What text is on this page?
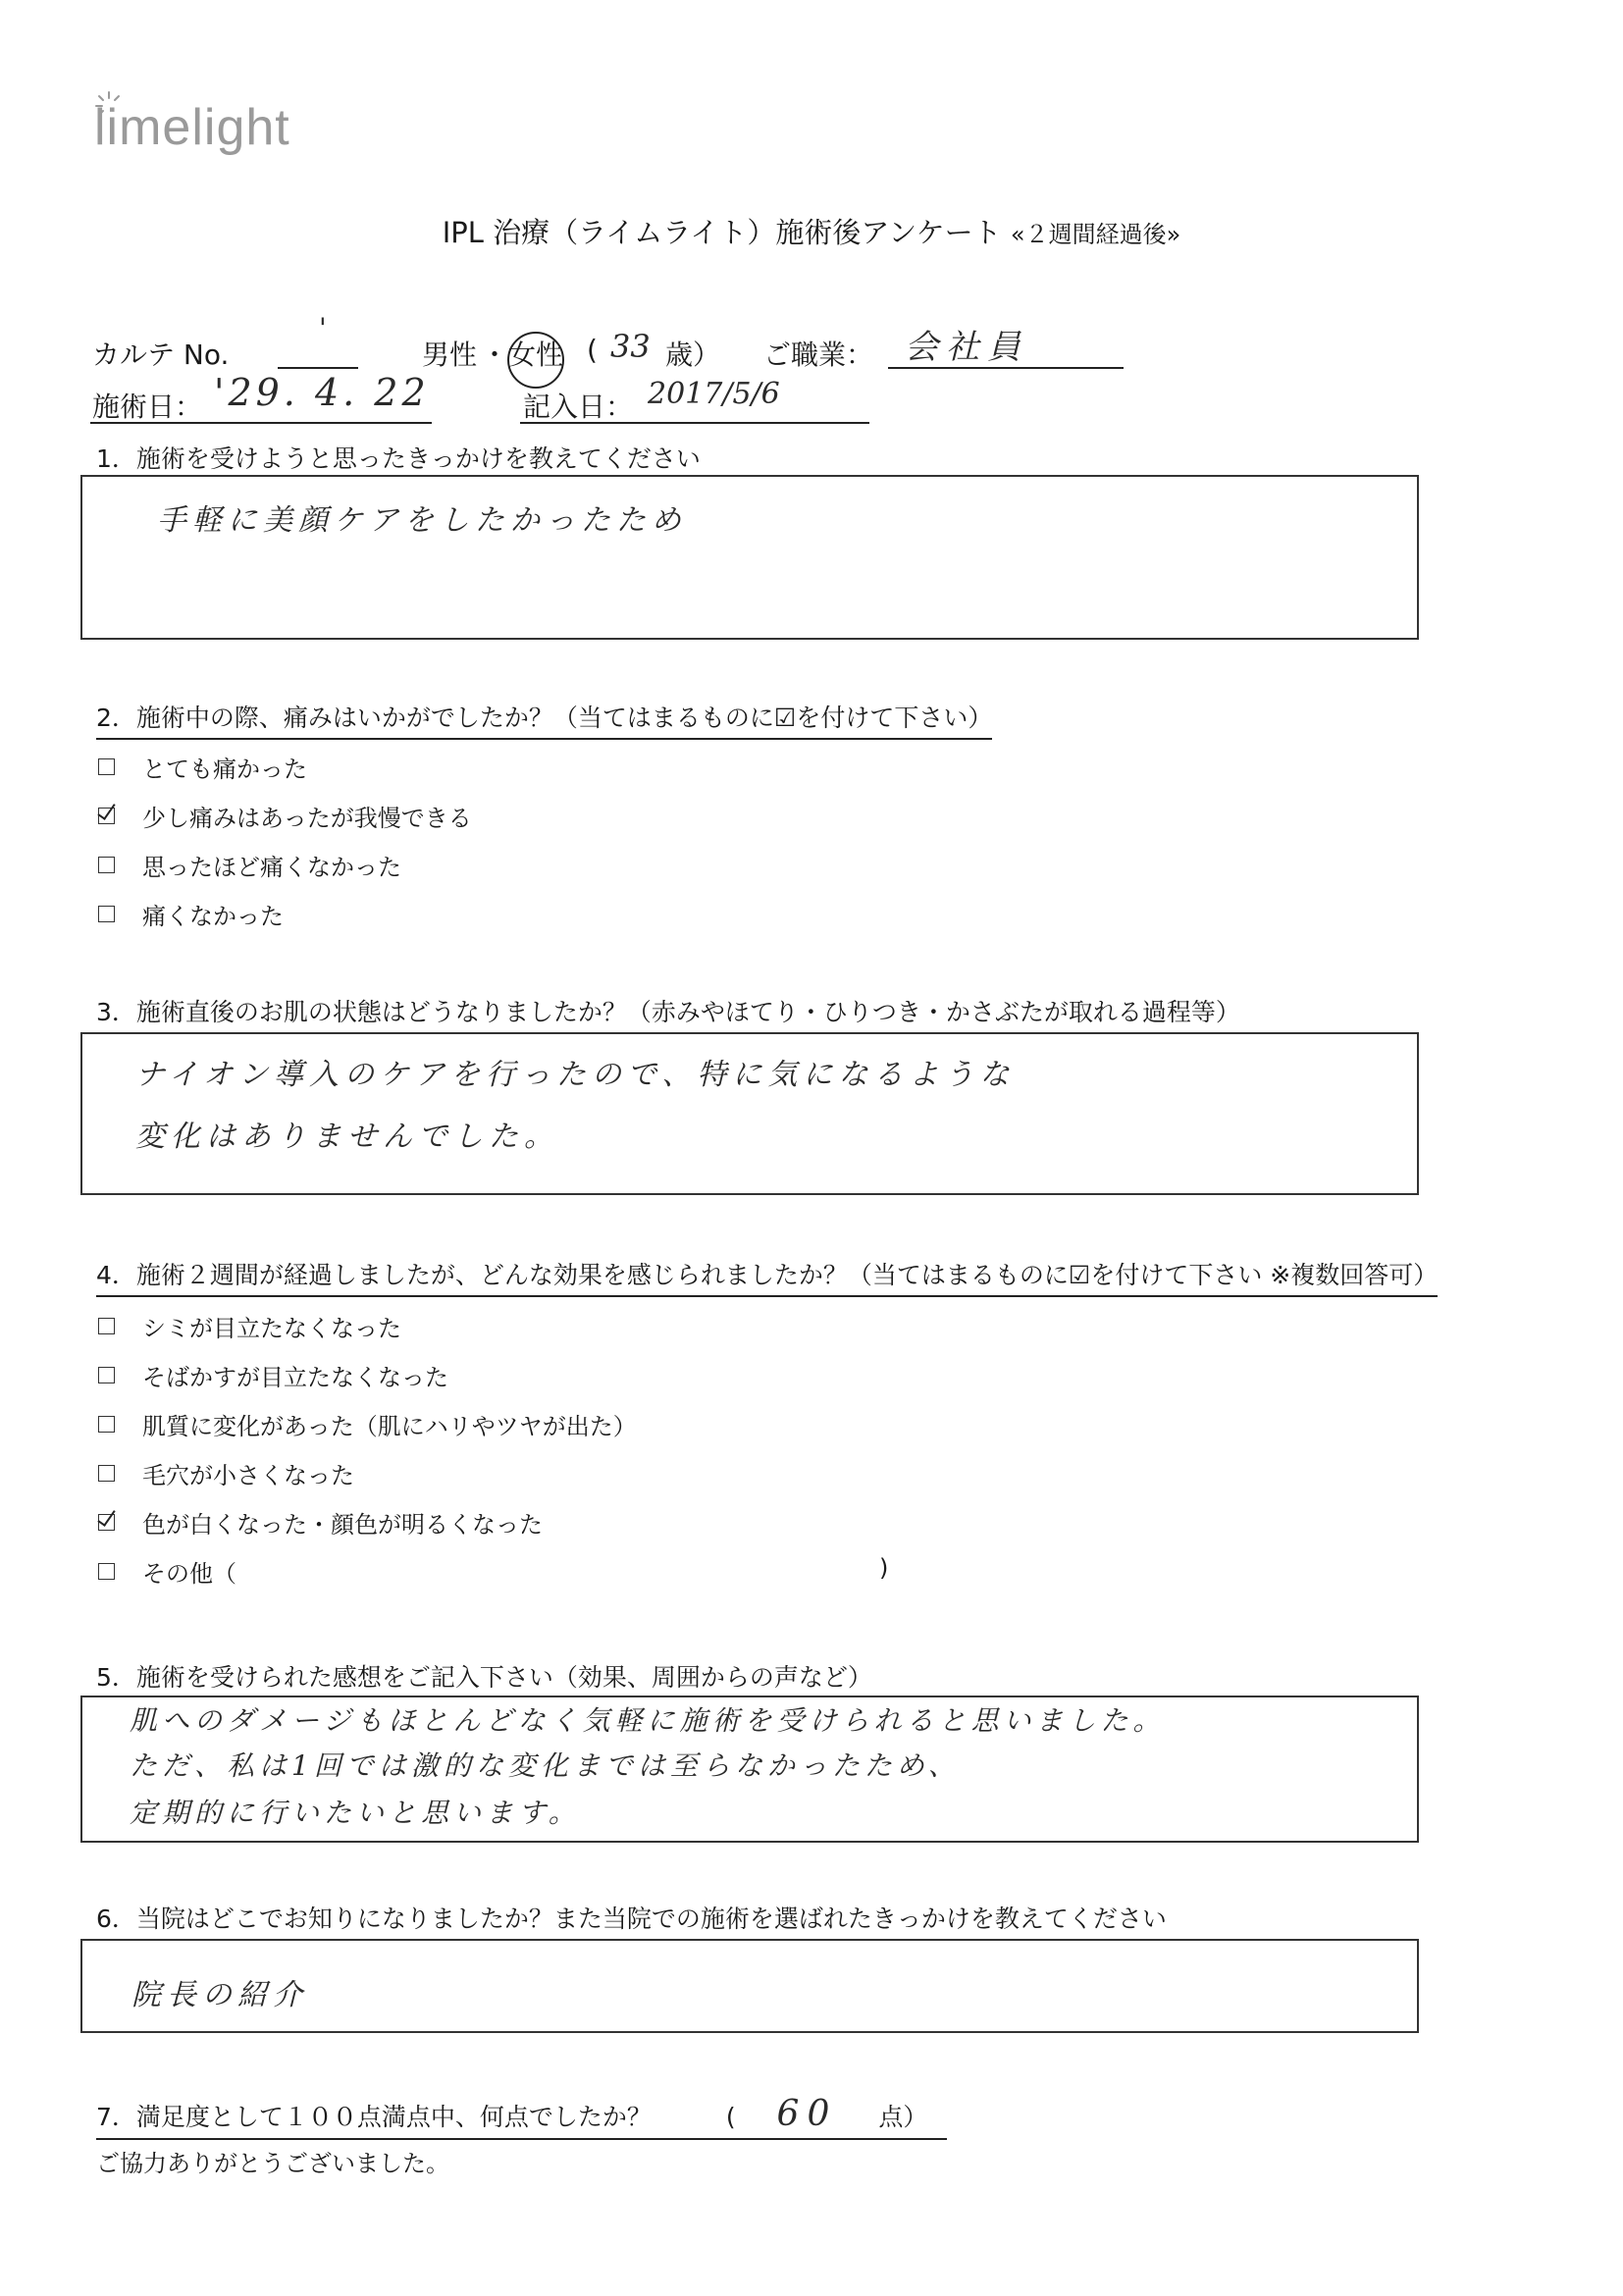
limelight
IPL 治療（ライムライト）施術後アンケート «２週間経過後»
カルテ No.
'
男性 ・ 女性 ( 33 歳） ご職業： 会社員
施術日： '29. 4. 22	記入日： 2017/5/6
1．施術を受けようと思ったきっかけを教えてください
手軽に美顔ケアをしたかったため
2．施術中の際、痛みはいかがでしたか？（当てはまるものに☑を付けて下さい）
とても痛かった
少し痛みはあったが我慢できる
思ったほど痛くなかった
痛くなかった
3．施術直後のお肌の状態はどうなりましたか？（赤みやほてり・ひりつき・かさぶたが取れる過程等）
ナイオン導入のケアを行ったので、特に気になるような
変化はありませんでした。
4．施術２週間が経過しましたが、どんな効果を感じられましたか？（当てはまるものに☑を付けて下さい ※複数回答可）
シミが目立たなくなった
そばかすが目立たなくなった
肌質に変化があった（肌にハリやツヤが出た）
毛穴が小さくなった
色が白くなった・顔色が明るくなった
その他（	)
5．施術を受けられた感想をご記入下さい（効果、周囲からの声など）
肌へのダメージもほとんどなく気軽に施術を受けられると思いました。
ただ、私は1回では激的な変化までは至らなかったため、
定期的に行いたいと思います。
6．当院はどこでお知りになりましたか？また当院での施術を選ばれたきっかけを教えてください
院長の紹介
7．満足度として１００点満点中、何点でしたか？	( 60 点）
ご協力ありがとうございました。
